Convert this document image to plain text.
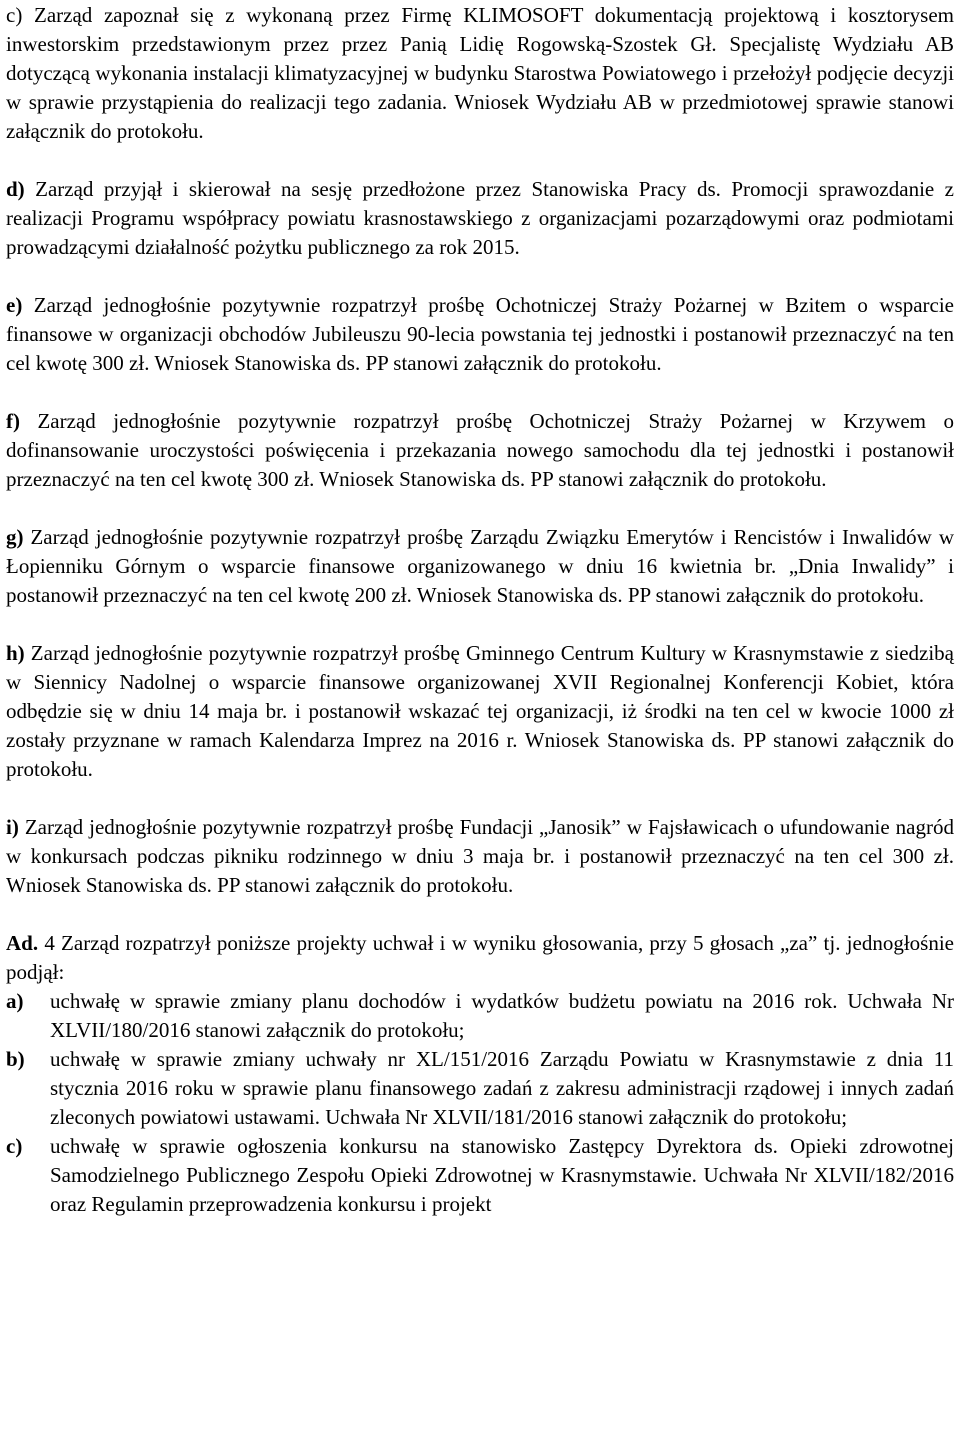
c) Zarząd zapoznał się z wykonaną przez Firmę KLIMOSOFT dokumentacją projektową i kosztorysem inwestorskim przedstawionym przez przez Panią Lidię Rogowską-Szostek Gł. Specjalistę Wydziału AB dotyczącą wykonania instalacji klimatyzacyjnej w budynku Starostwa Powiatowego i przełożył podjęcie decyzji w sprawie przystąpienia do realizacji tego zadania. Wniosek Wydziału AB w przedmiotowej sprawie stanowi załącznik do protokołu.

d) Zarząd przyjął i skierował na sesję przedłożone przez Stanowiska Pracy ds. Promocji sprawozdanie z realizacji Programu współpracy powiatu krasnostawskiego z organizacjami pozarządowymi oraz podmiotami prowadzącymi działalność pożytku publicznego za rok 2015.

e) Zarząd jednogłośnie pozytywnie rozpatrzył prośbę Ochotniczej Straży Pożarnej w Bzitem o wsparcie finansowe w organizacji obchodów Jubileuszu 90-lecia powstania tej jednostki i postanowił przeznaczyć na ten cel kwotę 300 zł. Wniosek Stanowiska ds. PP stanowi załącznik do protokołu.

f) Zarząd jednogłośnie pozytywnie rozpatrzył prośbę Ochotniczej Straży Pożarnej w Krzywem o dofinansowanie uroczystości poświęcenia i przekazania nowego samochodu dla tej jednostki i postanowił przeznaczyć na ten cel kwotę 300 zł. Wniosek Stanowiska ds. PP stanowi załącznik do protokołu.

g) Zarząd jednogłośnie pozytywnie rozpatrzył prośbę Zarządu Związku Emerytów i Rencistów i Inwalidów w Łopienniku Górnym o wsparcie finansowe organizowanego w dniu 16 kwietnia br. „Dnia Inwalidy” i postanowił przeznaczyć na ten cel kwotę 200 zł. Wniosek Stanowiska ds. PP stanowi załącznik do protokołu.

h) Zarząd jednogłośnie pozytywnie rozpatrzył prośbę Gminnego Centrum Kultury w Krasnymstawie z siedzibą w Siennicy Nadolnej o wsparcie finansowe organizowanej XVII Regionalnej Konferencji Kobiet, która odbędzie się w dniu 14 maja br. i postanowił wskazać tej organizacji, iż środki na ten cel w kwocie 1000 zł zostały przyznane w ramach Kalendarza Imprez na 2016 r. Wniosek Stanowiska ds. PP stanowi załącznik do protokołu.

i) Zarząd jednogłośnie pozytywnie rozpatrzył prośbę Fundacji „Janosik” w Fajsławicach o ufundowanie nagród w konkursach podczas pikniku rodzinnego w dniu 3 maja br. i postanowił przeznaczyć na ten cel 300 zł. Wniosek Stanowiska ds. PP stanowi załącznik do protokołu.

Ad. 4 Zarząd rozpatrzył poniższe projekty uchwał i w wyniku głosowania, przy 5 głosach „za” tj. jednogłośnie podjął:

a)	uchwałę w sprawie zmiany planu dochodów i wydatków budżetu powiatu na 2016 rok. Uchwała Nr XLVII/180/2016 stanowi załącznik do protokołu;
b)	uchwałę w sprawie zmiany uchwały nr XL/151/2016 Zarządu Powiatu w Krasnymstawie z dnia 11 stycznia 2016 roku w sprawie planu finansowego zadań z zakresu administracji rządowej i innych zadań zleconych powiatowi ustawami. Uchwała Nr XLVII/181/2016 stanowi załącznik do protokołu;
c)	uchwałę w sprawie ogłoszenia konkursu na stanowisko Zastępcy Dyrektora ds. Opieki zdrowotnej Samodzielnego Publicznego Zespołu Opieki Zdrowotnej w Krasnymstawie. Uchwała Nr XLVII/182/2016 oraz Regulamin przeprowadzenia konkursu i projekt
